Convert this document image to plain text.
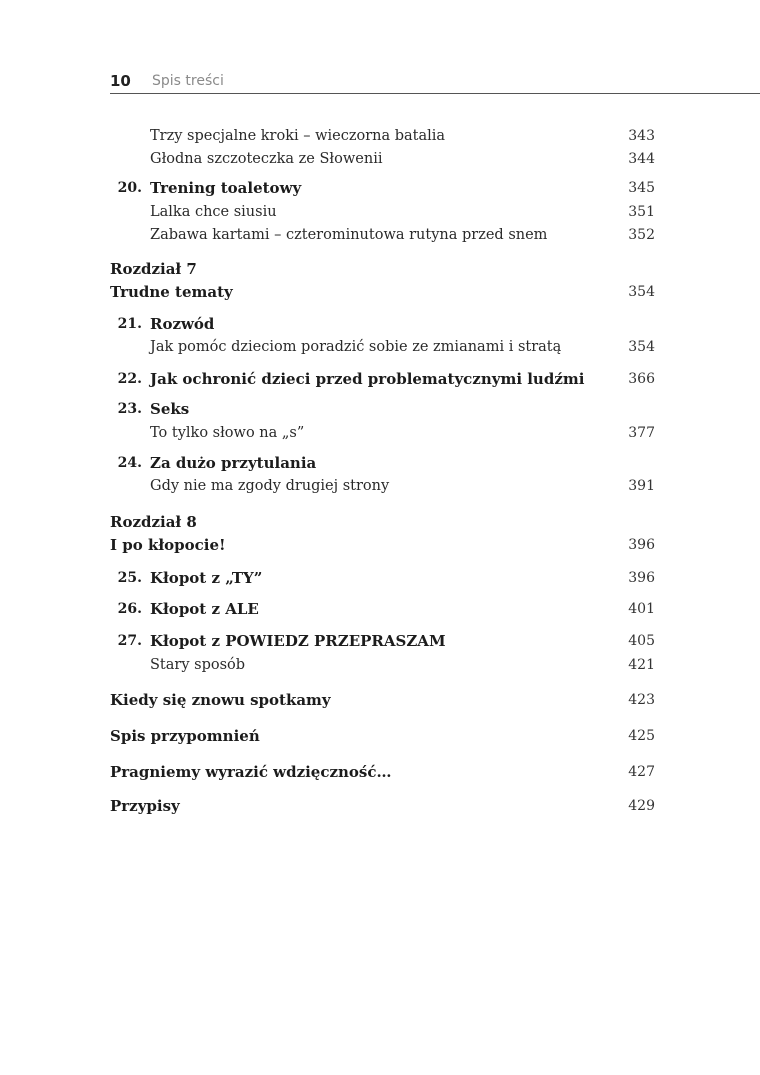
10 Spis treści
Trzy specjalne kroki – wieczorna batalia	343
Głodna szczoteczka ze Słowenii	344
20. Trening toaletowy	345
Lalka chce siusiu	351
Zabawa kartami – czterominutowa rutyna przed snem	352
Rozdział 7
Trudne tematy	354
21. Rozwód
Jak pomóc dzieciom poradzić sobie ze zmianami i stratą	354
22. Jak ochronić dzieci przed problematycznymi ludźmi	366
23. Seks
To tylko słowo na „s”	377
24. Za dużo przytulania
Gdy nie ma zgody drugiej strony	391
Rozdział 8
I po kłopocie!	396
25. Kłopot z „TY”	396
26. Kłopot z ALE	401
27. Kłopot z POWIEDZ PRZEPRASZAM	405
Stary sposób	421
Kiedy się znowu spotkamy	423
Spis przypomnień	425
Pragniemy wyrazić wdzięczność…	427
Przypisy	429
